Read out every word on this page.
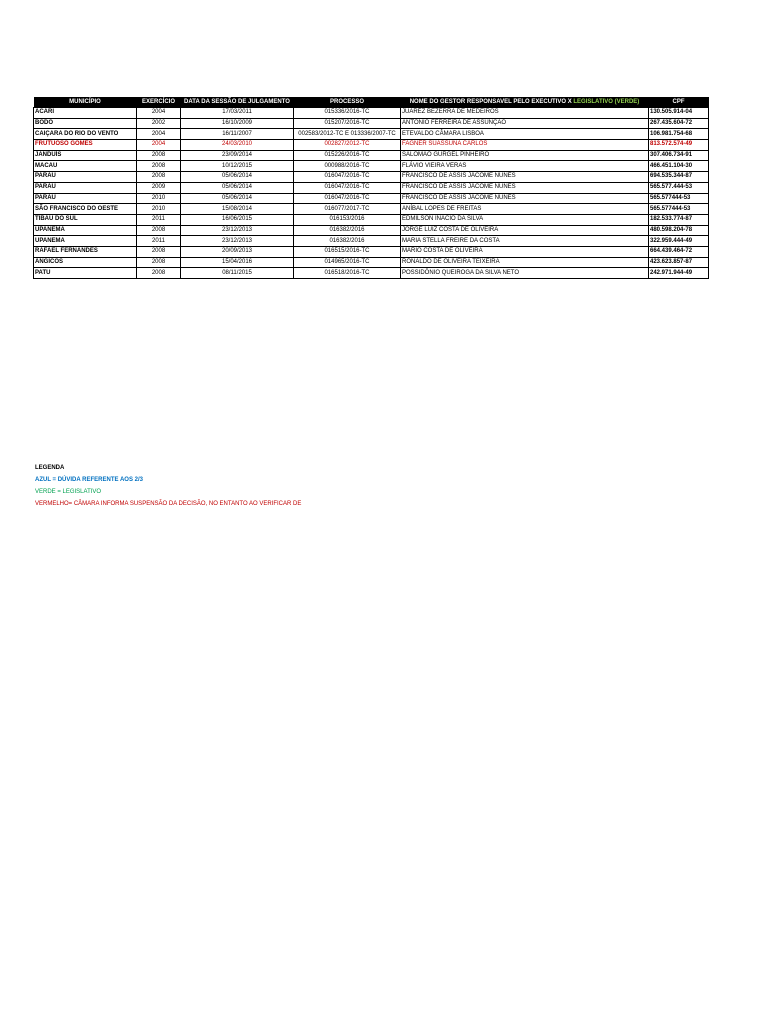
MUNICÍPIO	EXERCÍCIO	DATA DA SESSÃO DE JULGAMENTO	PROCESSO	NOME DO GESTOR RESPONSAVEL PELO EXECUTIVO X LEGISLATIVO (VERDE)	CPF
ACARI	2004	17/03/2011	015336/2016-TC	JUARÉZ BEZERRA DE MEDEIROS	130.505.914-04
BODÓ	2002	16/10/2009	015207/2016-TC	ANTÔNIO FERREIRA DE ASSUNÇÃO	267.435.604-72
CAIÇARA DO RIO DO VENTO	2004	16/11/2007	002583/2012-TC E 013336/2007-TC	ETEVALDO CÂMARA LISBOA	106.981.754-68
FRUTUOSO GOMES	2004	24/03/2010	002827/2012-TC	FAGNER SUASSUNA CARLOS	813.572.574-49
JANDUÍS	2008	23/09/2014	015226/2016-TC	SALOMÃO GURGEL PINHEIRO	307.406.734-91
MACAU	2008	10/12/2015	000988/2016-TC	FLÁVIO VIEIRA VERAS	466.451.104-30
PARAÚ	2008	05/06/2014	016047/2016-TC	FRANCISCO DE ASSIS JÁCOME NUNES	694.535.344-87
PARAÚ	2009	05/06/2014	016047/2016-TC	FRANCISCO DE ASSIS JÁCOME NUNES	565.577.444-53
PARAÚ	2010	05/06/2014	016047/2016-TC	FRANCISCO DE ASSIS JÁCOME NUNES	565.577444-53
SÃO FRANCISCO DO OESTE	2010	15/08/2014	016077/2017-TC	ANÍBAL LOPES DE FREITAS	565.577444-53
TIBAU DO SUL	2011	16/06/2015	016153/2016	EDMILSON INACIO DA SILVA	182.533.774-87
UPANEMA	2008	23/12/2013	016382/2016	JORGE LUIZ COSTA DE OLIVEIRA	480.598.204-78
UPANEMA	2011	23/12/2013	016382/2016	MARIA STELLA FREIRE DA COSTA	322.959.444-49
RAFAEL FERNANDES	2008	20/09/2013	016515/2016-TC	MARIO COSTA DE OLIVEIRA	664.439.464-72
ANGICOS	2008	15/04/2016	014965/2016-TC	RONALDO DE OLIVEIRA TEIXEIRA	423.623.857-87
PATU	2008	08/11/2015	016518/2016-TC	POSSIDÔNIO QUEIROGA DA SILVA NETO	242.971.944-49
LEGENDA
AZUL = DÚVIDA REFERENTE AOS 2/3
VERDE = LEGISLATIVO
VERMELHO= CÂMARA INFORMA SUSPENSÃO DA DECISÃO, NO ENTANTO AO VERIFICAR DE
